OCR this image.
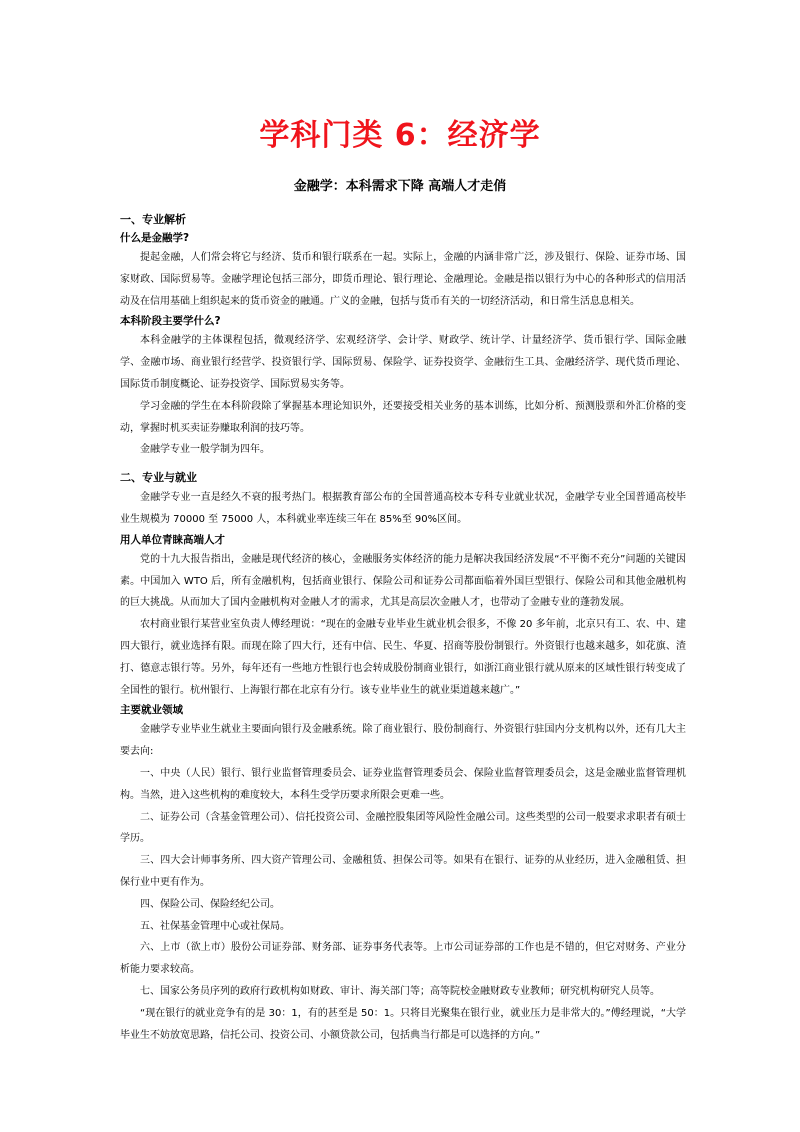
学科门类 6：经济学
金融学：本科需求下降 高端人才走俏
一、专业解析
什么是金融学?

提起金融，人们常会将它与经济、货币和银行联系在一起。实际上，金融的内涵非常广泛，涉及银行、保险、证券市场、国家财政、国际贸易等。金融学理论包括三部分，即货币理论、银行理论、金融理论。金融是指以银行为中心的各种形式的信用活动及在信用基础上组织起来的货币资金的融通。广义的金融，包括与货币有关的一切经济活动，和日常生活息息相关。

本科阶段主要学什么?

本科金融学的主体课程包括，微观经济学、宏观经济学、会计学、财政学、统计学、计量经济学、货币银行学、国际金融学、金融市场、商业银行经营学、投资银行学、国际贸易、保险学、证券投资学、金融衍生工具、金融经济学、现代货币理论、国际货币制度概论、证券投资学、国际贸易实务等。

学习金融的学生在本科阶段除了掌握基本理论知识外，还要接受相关业务的基本训练，比如分析、预测股票和外汇价格的变动，掌握时机买卖证券赚取利润的技巧等。

金融学专业一般学制为四年。

二、专业与就业

金融学专业一直是经久不衰的报考热门。根据教育部公布的全国普通高校本专科专业就业状况，金融学专业全国普通高校毕业生规模为 70000 至 75000 人，本科就业率连续三年在 85%至 90%区间。

用人单位青睐高端人才

党的十九大报告指出，金融是现代经济的核心，金融服务实体经济的能力是解决我国经济发展“不平衡不充分”问题的关键因素。中国加入 WTO 后，所有金融机构，包括商业银行、保险公司和证券公司都面临着外国巨型银行、保险公司和其他金融机构的巨大挑战。从而加大了国内金融机构对金融人才的需求，尤其是高层次金融人才，也带动了金融专业的蓬勃发展。

农村商业银行某营业室负责人傅经理说：“现在的金融专业毕业生就业机会很多，不像 20 多年前，北京只有工、农、中、建四大银行，就业选择有限。而现在除了四大行，还有中信、民生、华夏、招商等股份制银行。外资银行也越来越多，如花旗、渣打、德意志银行等。另外，每年还有一些地方性银行也会转成股份制商业银行，如浙江商业银行就从原来的区域性银行转变成了全国性的银行。杭州银行、上海银行都在北京有分行。该专业毕业生的就业渠道越来越广。”

主要就业领域

金融学专业毕业生就业主要面向银行及金融系统。除了商业银行、股份制商行、外资银行驻国内分支机构以外，还有几大主要去向:

一、中央（人民）银行、银行业监督管理委员会、证券业监督管理委员会、保险业监督管理委员会，这是金融业监督管理机构。当然，进入这些机构的难度较大，本科生受学历要求所限会更难一些。

二、证券公司（含基金管理公司）、信托投资公司、金融控股集团等风险性金融公司。这些类型的公司一般要求求职者有硕士学历。

三、四大会计师事务所、四大资产管理公司、金融租赁、担保公司等。如果有在银行、证券的从业经历，进入金融租赁、担保行业中更有作为。

四、保险公司、保险经纪公司。

五、社保基金管理中心或社保局。

六、上市（欲上市）股份公司证券部、财务部、证券事务代表等。上市公司证券部的工作也是不错的，但它对财务、产业分析能力要求较高。

七、国家公务员序列的政府行政机构如财政、审计、海关部门等；高等院校金融财政专业教师；研究机构研究人员等。

“现在银行的就业竞争有的是 30：1，有的甚至是 50：1。只将目光聚集在银行业，就业压力是非常大的。”傅经理说，“大学毕业生不妨放宽思路，信托公司、投资公司、小额贷款公司，包括典当行都是可以选择的方向。”
